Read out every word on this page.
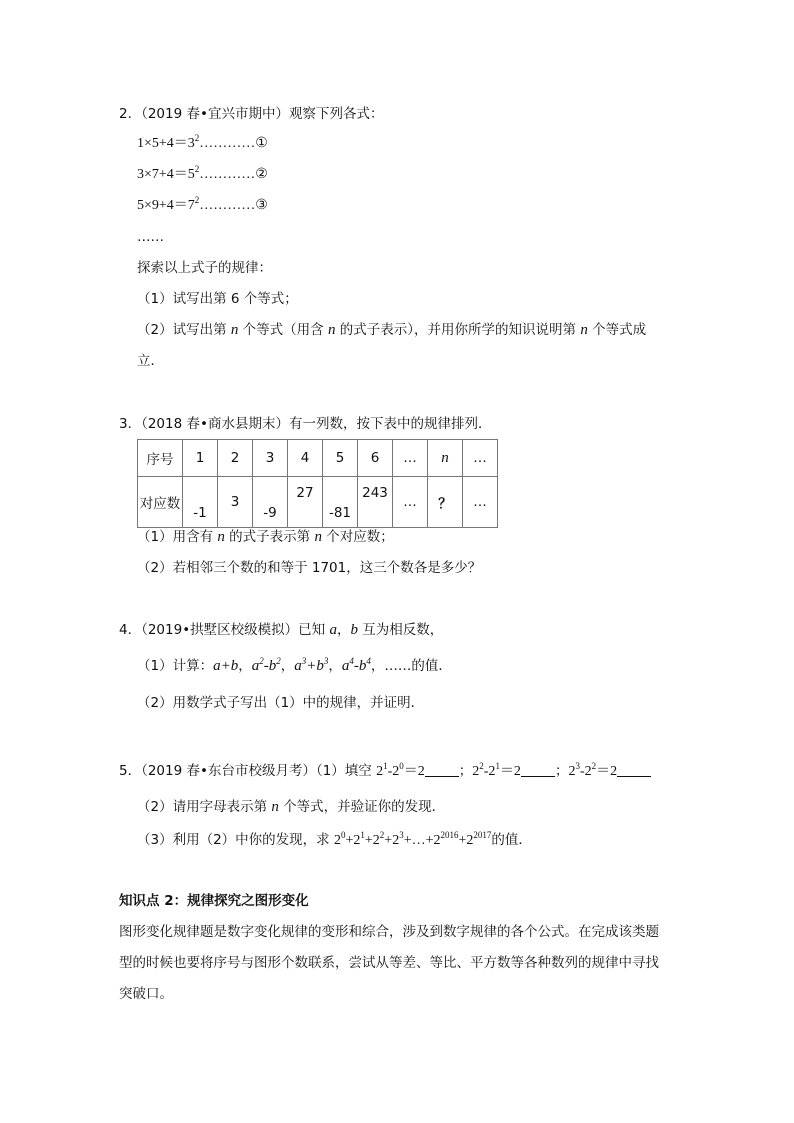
2．（2019 春•宜兴市期中）观察下列各式：
$1\times 5+4=3^2\dots\dots\dots\dots ①$
$3\times 7+4=5^2\dots\dots\dots\dots ②$
$5\times 9+4=7^2\dots\dots\dots\dots ③$
……
探索以上式子的规律：
（1）试写出第 6 个等式；
（2）试写出第 n 个等式（用含 n 的式子表示），并用你所学的知识说明第 n 个等式成
立．
3．（2018 春•商水县期末）有一列数，按下表中的规律排列．
序号	1	2	3	4	5	6	…	n	…
对应数	-1	3	-9	27	-81	243	…	？	…
（1）用含有 n 的式子表示第 n 个对应数；
（2）若相邻三个数的和等于 1701，这三个数各是多少？
4．（2019•拱墅区校级模拟）已知 a，b 互为相反数，
（1）计算：a+b，$a^2-b^2$，$a^3+b^3$，$a^4-b^4$，……的值．
（2）用数学式子写出（1）中的规律，并证明．
5．（2019 春•东台市校级月考）（1）填空 $2^1-2^0=2$	；$2^2-2^1=2$	；$2^3-2^2=2$
（2）请用字母表示第 n 个等式，并验证你的发现．
（3）利用（2）中你的发现，求 $2^0+2^1+2^2+2^3+\dots+2^{2016}+2^{2017}$的值．
知识点 2：规律探究之图形变化
图形变化规律题是数字变化规律的变形和综合，涉及到数字规律的各个公式。在完成该类题
型的时候也要将序号与图形个数联系，尝试从等差、等比、平方数等各种数列的规律中寻找
突破口。
